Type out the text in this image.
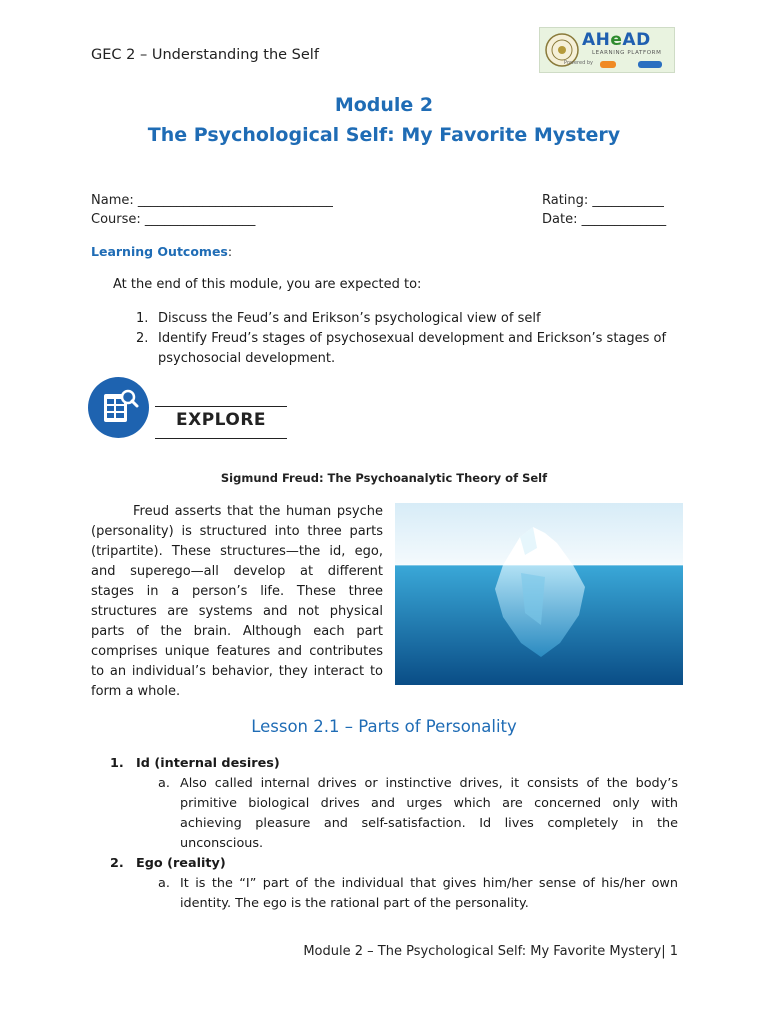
GEC 2 – Understanding the Self
AHeAD
LEARNING PLATFORM
Powered by
Module 2
The Psychological Self: My Favorite Mystery
Name: ______________________________
Course: _________________
Rating: ___________
Date: _____________
Learning Outcomes:
At the end of this module, you are expected to:
1. Discuss the Feud’s and Erikson’s psychological view of self
2. Identify Freud’s stages of psychosexual development and Erickson’s stages of psychosocial development.
EXPLORE
Sigmund Freud: The Psychoanalytic Theory of Self
Freud asserts that the human psyche (personality) is structured into three parts (tripartite). These structures—the id, ego, and superego—all develop at different stages in a person’s life. These three structures are systems and not physical parts of the brain. Although each part comprises unique features and contributes to an individual’s behavior, they interact to form a whole.
Lesson 2.1 – Parts of Personality
1. Id (internal desires)
a. Also called internal drives or instinctive drives, it consists of the body’s primitive biological drives and urges which are concerned only with achieving pleasure and self-satisfaction. Id lives completely in the unconscious.
2. Ego (reality)
a. It is the “I” part of the individual that gives him/her sense of his/her own identity. The ego is the rational part of the personality.
Module 2 – The Psychological Self: My Favorite Mystery| 1
